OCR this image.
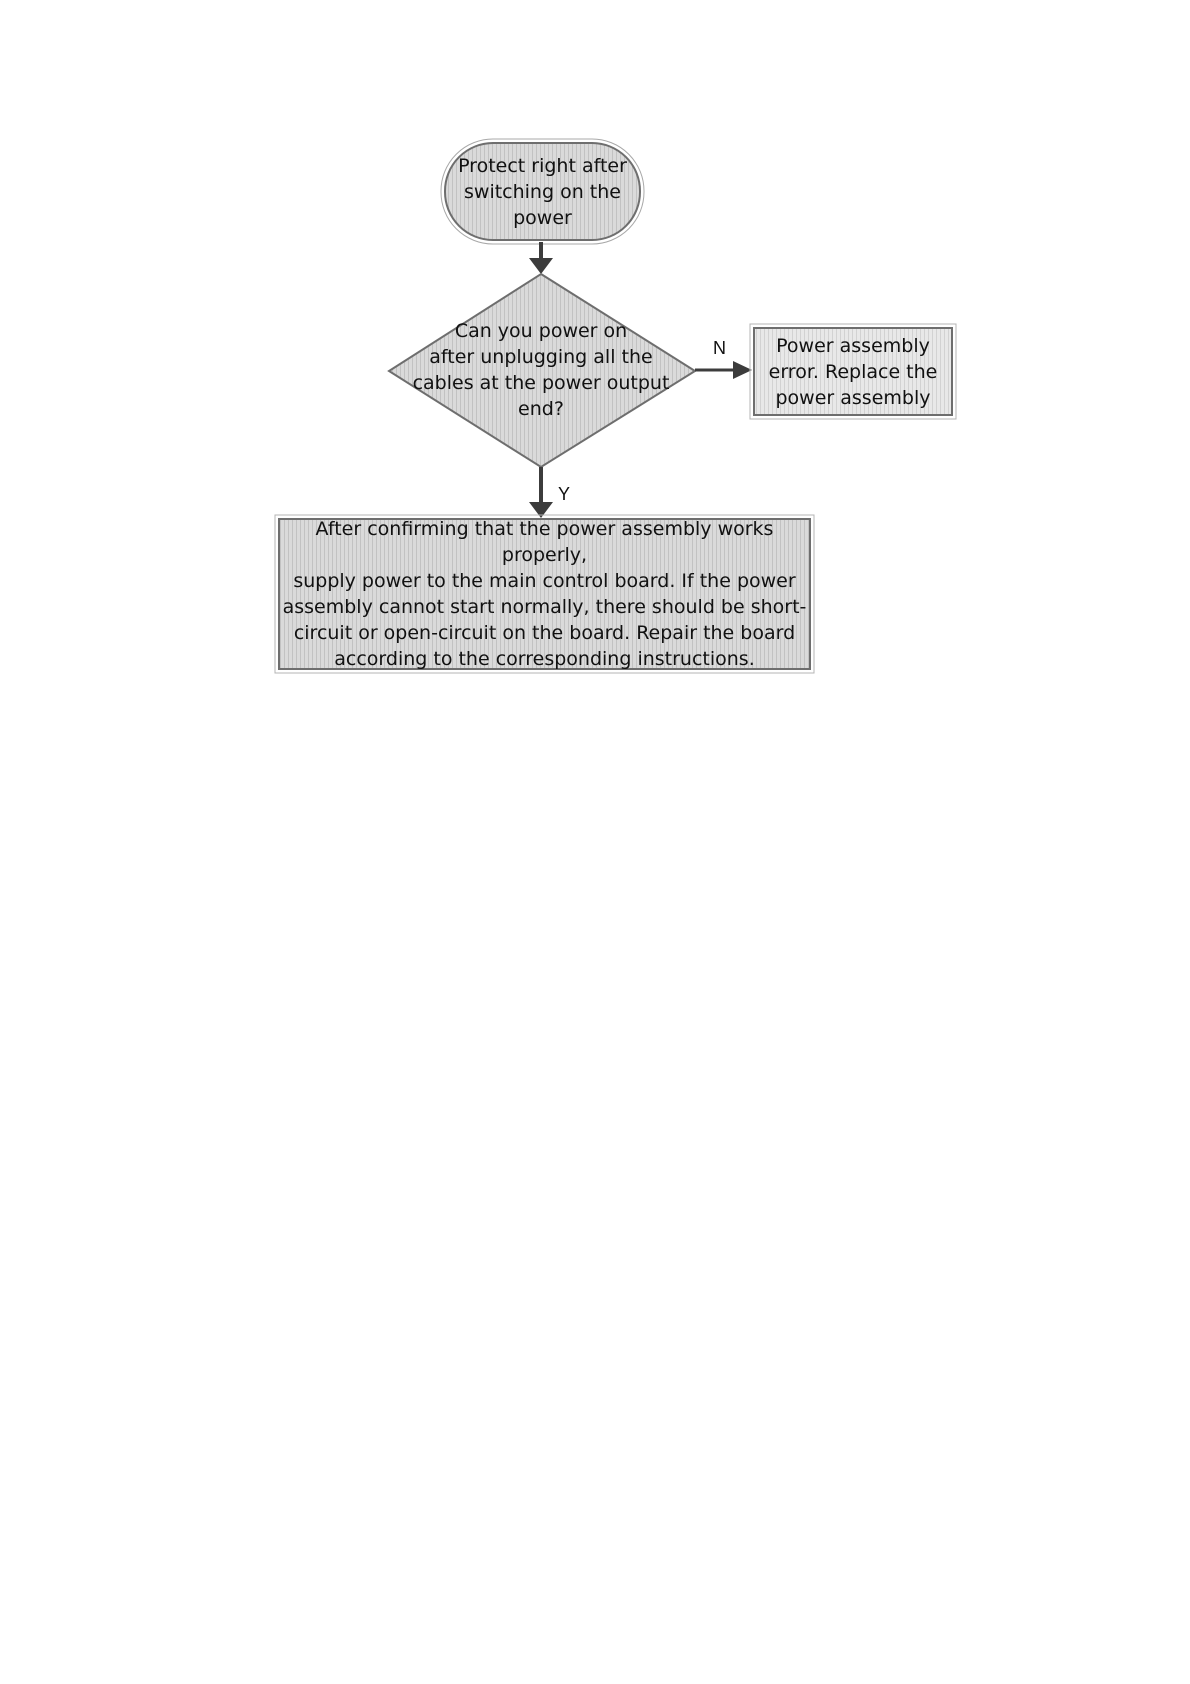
Protect right after
switching on the
power
Can you power on
after unplugging all the
cables at the power output
end?
N	Power assembly
error. Replace the
power assembly
Y
After confirming that the power assembly works properly,
supply power to the main control board. If the power
assembly cannot start normally, there should be short-
circuit or open-circuit on the board. Repair the board
according to the corresponding instructions.
